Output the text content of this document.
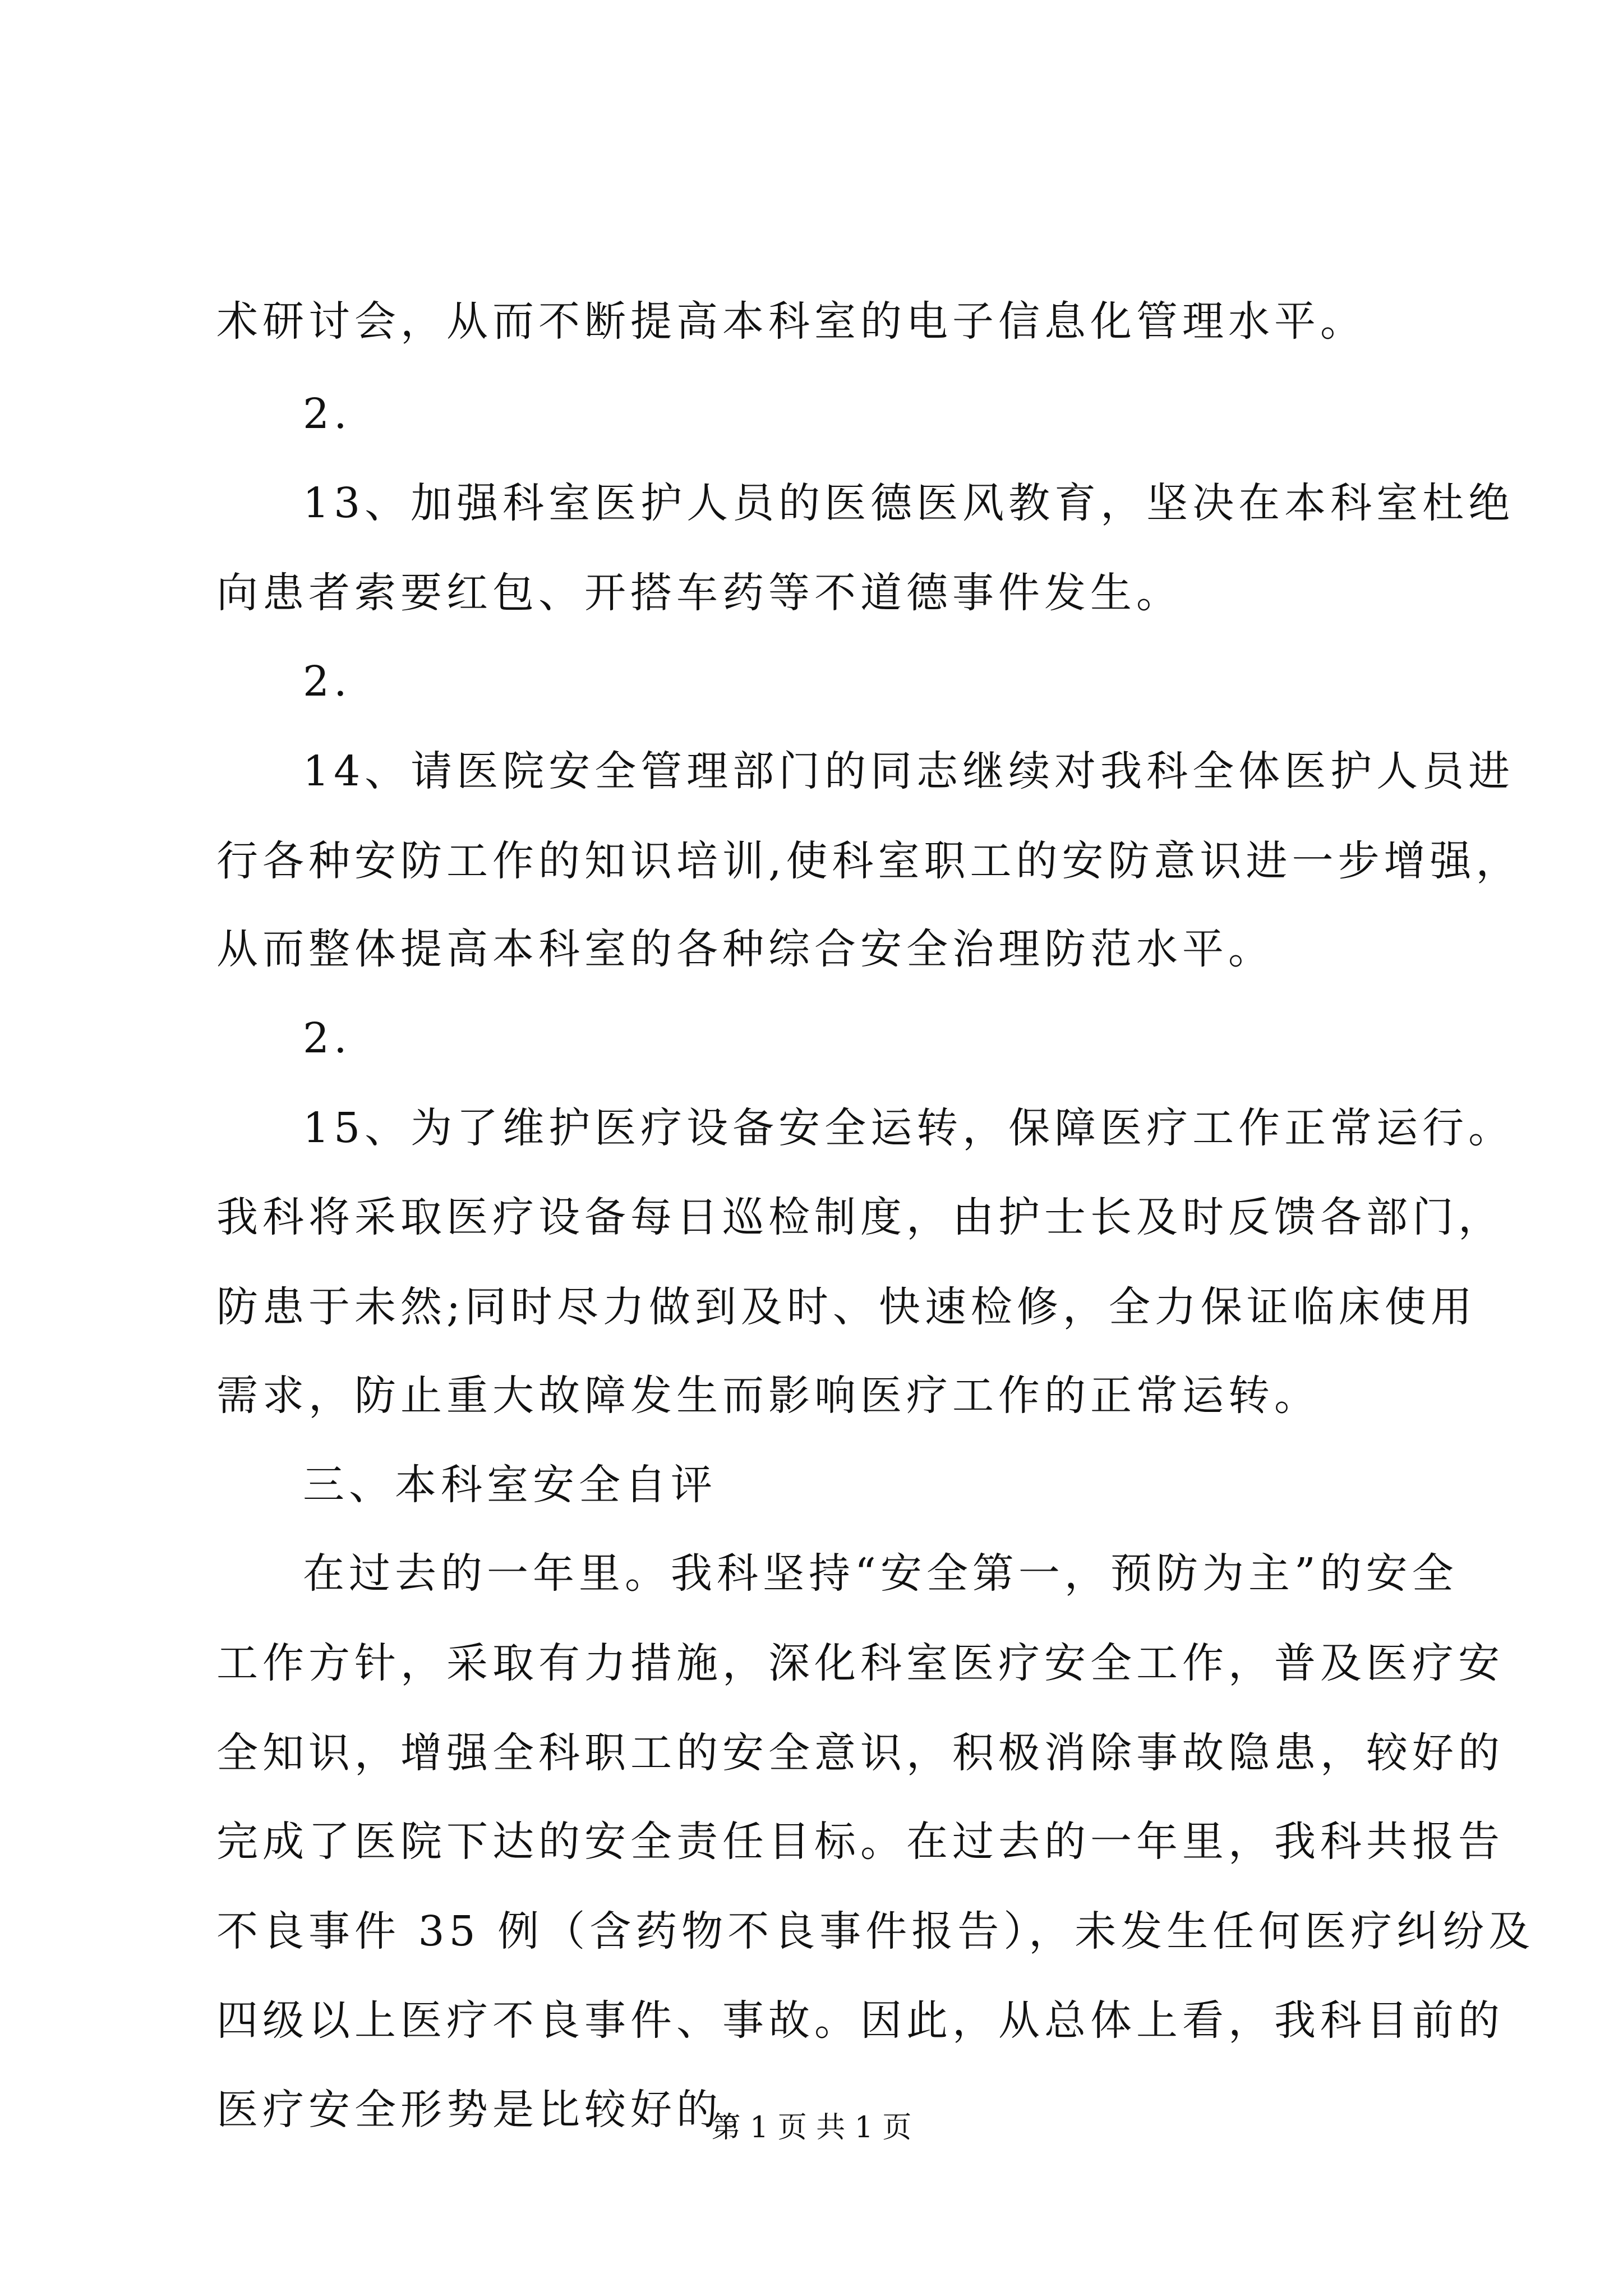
术研讨会，从而不断提高本科室的电子信息化管理水平。
2.
13、加强科室医护人员的医德医风教育，坚决在本科室杜绝
向患者索要红包、开搭车药等不道德事件发生。
2.
14、请医院安全管理部门的同志继续对我科全体医护人员进
行各种安防工作的知识培训,使科室职工的安防意识进一步增强，
从而整体提高本科室的各种综合安全治理防范水平。
2.
15、为了维护医疗设备安全运转，保障医疗工作正常运行。
我科将采取医疗设备每日巡检制度，由护士长及时反馈各部门，
防患于未然;同时尽力做到及时、快速检修，全力保证临床使用
需求，防止重大故障发生而影响医疗工作的正常运转。
三、本科室安全自评
在过去的一年里。我科坚持“安全第一，预防为主”的安全
工作方针，采取有力措施，深化科室医疗安全工作，普及医疗安
全知识，增强全科职工的安全意识，积极消除事故隐患，较好的
完成了医院下达的安全责任目标。在过去的一年里，我科共报告
不良事件 35 例（含药物不良事件报告），未发生任何医疗纠纷及
四级以上医疗不良事件、事故。因此，从总体上看，我科目前的
医疗安全形势是比较好的。
第 1 页 共 1 页
